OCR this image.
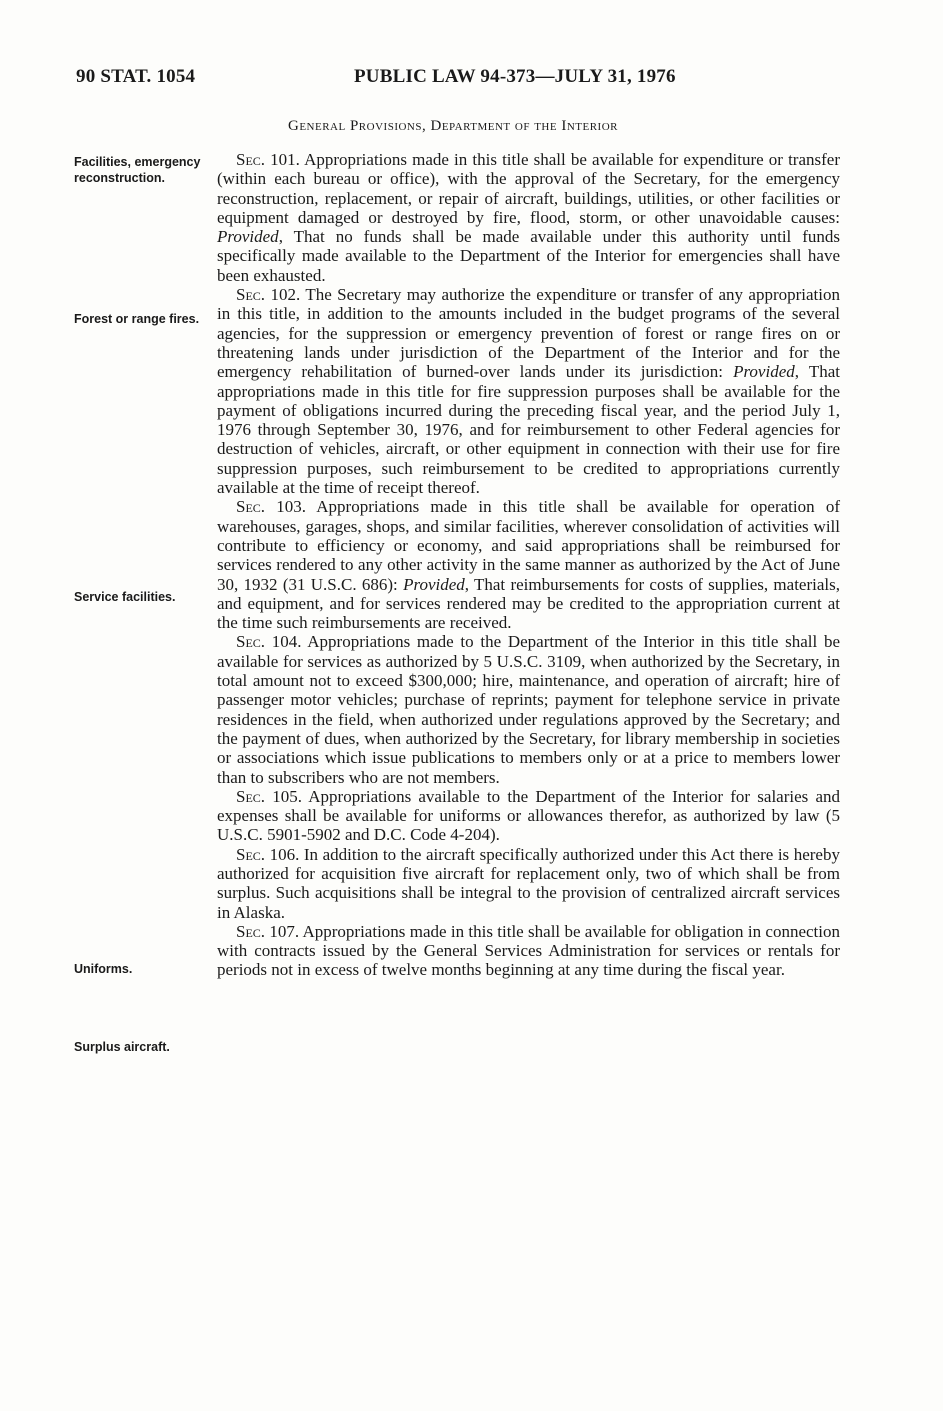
90 STAT. 1054	PUBLIC LAW 94-373—JULY 31, 1976
General Provisions, Department of the Interior
Facilities, emergency reconstruction.
Forest or range fires.
Service facilities.
Uniforms.
Surplus aircraft.

Sec. 101. Appropriations made in this title shall be available for expenditure or transfer (within each bureau or office), with the approval of the Secretary, for the emergency reconstruction, replacement, or repair of aircraft, buildings, utilities, or other facilities or equipment damaged or destroyed by fire, flood, storm, or other unavoidable causes: Provided, That no funds shall be made available under this authority until funds specifically made available to the Department of the Interior for emergencies shall have been exhausted.

Sec. 102. The Secretary may authorize the expenditure or transfer of any appropriation in this title, in addition to the amounts included in the budget programs of the several agencies, for the suppression or emergency prevention of forest or range fires on or threatening lands under jurisdiction of the Department of the Interior and for the emergency rehabilitation of burned-over lands under its jurisdiction: Provided, That appropriations made in this title for fire suppression purposes shall be available for the payment of obligations incurred during the preceding fiscal year, and the period July 1, 1976 through September 30, 1976, and for reimbursement to other Federal agencies for destruction of vehicles, aircraft, or other equipment in connection with their use for fire suppression purposes, such reimbursement to be credited to appropriations currently available at the time of receipt thereof.

Sec. 103. Appropriations made in this title shall be available for operation of warehouses, garages, shops, and similar facilities, wherever consolidation of activities will contribute to efficiency or economy, and said appropriations shall be reimbursed for services rendered to any other activity in the same manner as authorized by the Act of June 30, 1932 (31 U.S.C. 686): Provided, That reimbursements for costs of supplies, materials, and equipment, and for services rendered may be credited to the appropriation current at the time such reimbursements are received.

Sec. 104. Appropriations made to the Department of the Interior in this title shall be available for services as authorized by 5 U.S.C. 3109, when authorized by the Secretary, in total amount not to exceed $300,000; hire, maintenance, and operation of aircraft; hire of passenger motor vehicles; purchase of reprints; payment for telephone service in private residences in the field, when authorized under regulations approved by the Secretary; and the payment of dues, when authorized by the Secretary, for library membership in societies or associations which issue publications to members only or at a price to members lower than to subscribers who are not members.

Sec. 105. Appropriations available to the Department of the Interior for salaries and expenses shall be available for uniforms or allowances therefor, as authorized by law (5 U.S.C. 5901-5902 and D.C. Code 4-204).

Sec. 106. In addition to the aircraft specifically authorized under this Act there is hereby authorized for acquisition five aircraft for replacement only, two of which shall be from surplus. Such acquisitions shall be integral to the provision of centralized aircraft services in Alaska.

Sec. 107. Appropriations made in this title shall be available for obligation in connection with contracts issued by the General Services Administration for services or rentals for periods not in excess of twelve months beginning at any time during the fiscal year.
